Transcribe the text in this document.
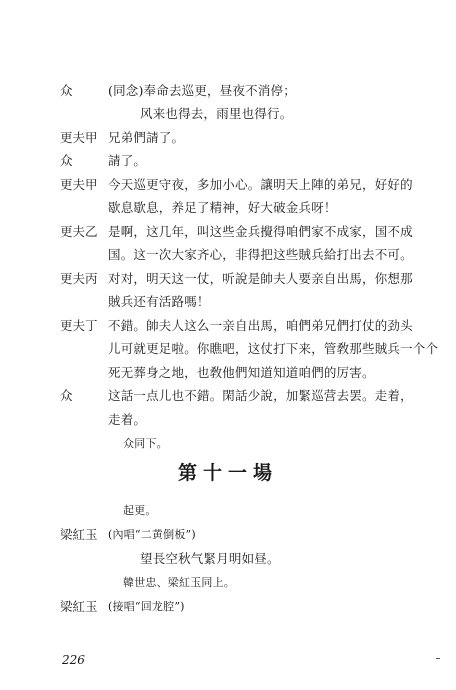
众	(同念)奉命去巡更，昼夜不消停；
风来也得去，雨里也得行。
更夫甲 兄弟們請了。
众	請了。
更夫甲 今天巡更守夜，多加小心。讓明天上陣的弟兄，好好的
歇息歇息，养足了精神，好大破金兵呀！
更夫乙 是啊，这几年，叫这些金兵攪得咱們家不成家，国不成
国。这一次大家齐心，非得把这些賊兵給打出去不可。
更夫丙 对对，明天这一仗，听說是帥夫人要亲自出馬，你想那
賊兵还有活路嗎！
更夫丁 不錯。帥夫人这么一亲自出馬，咱們弟兄們打仗的劲头
儿可就更足啦。你瞧吧，这仗打下来，管敎那些賊兵一个个
死无葬身之地，也敎他們知道知道咱們的厉害。
众	这話一点儿也不錯。閑話少說，加緊巡营去罢。走着，
走着。
众同下。
第十一場
起更。
梁紅玉 (內唱“二黄倒板”)
望長空秋气緊月明如昼。
韓世忠、梁紅玉同上。
梁紅玉 (接唱“回龙腔”)
226
